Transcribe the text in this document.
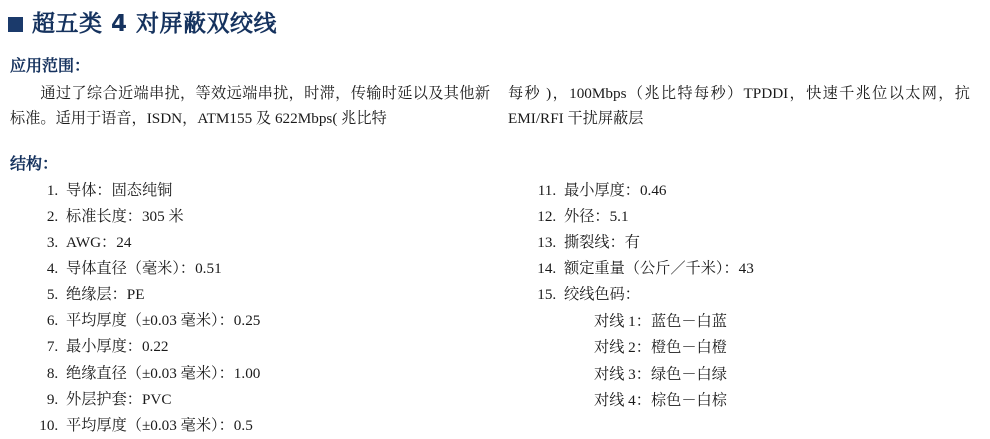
超五类 4 对屏蔽双绞线
应用范围：
通过了综合近端串扰，等效远端串扰，时滞，传输时延以及其他新标准。适用于语音，ISDN，ATM155 及 622Mbps( 兆比特
每秒 )，100Mbps（兆比特每秒）TPDDI，快速千兆位以太网，抗 EMI/RFI 干扰屏蔽层
结构：
1. 导体：固态纯铜
2. 标准长度：305 米
3. AWG：24
4. 导体直径（毫米）：0.51
5. 绝缘层：PE
6. 平均厚度（±0.03 毫米）：0.25
7. 最小厚度：0.22
8. 绝缘直径（±0.03 毫米）：1.00
9. 外层护套：PVC
10. 平均厚度（±0.03 毫米）：0.5
11. 最小厚度：0.46
12. 外径：5.1
13. 撕裂线：有
14. 额定重量（公斤／千米）：43
15. 绞线色码：
对线 1：蓝色－白蓝
对线 2：橙色－白橙
对线 3：绿色－白绿
对线 4：棕色－白棕
